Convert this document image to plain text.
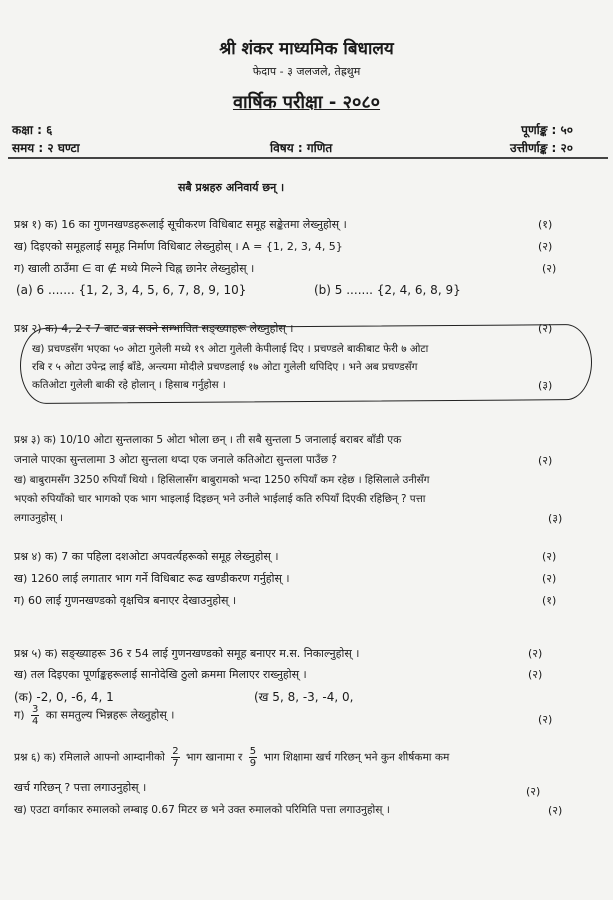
श्री शंकर माध्यमिक बिधालय
फेदाप - ३ जलजले, तेह्रथुम
वार्षिक परीक्षा - २०८०
कक्षा : ६	पूर्णाङ्क : ५०
समय : २ घण्टा	विषय : गणित	उत्तीर्णाङ्क : २०
सबै प्रश्नहरु अनिवार्य छन् ।
प्रश्न १) क) 16 का गुणनखण्डहरूलाई सूचीकरण विधिबाट समूह सङ्केतमा लेख्नुहोस् ।	(१)
ख) दिइएको समूहलाई समूह निर्माण विधिबाट लेख्नुहोस् । A = {1, 2, 3, 4, 5}	(२)
ग) खाली ठाउँमा ∈ वा ∉ मध्ये मिल्ने चिह्न छानेर लेख्नुहोस् ।	(२)
(a) 6 ....... {1, 2, 3, 4, 5, 6, 7, 8, 9, 10}	(b) 5 ....... {2, 4, 6, 8, 9}
प्रश्न २) क) 4, 2 र 7 बाट बन्न सक्ने सम्भावित सङ्ख्याहरू लेख्नुहोस् ।	(२)
ख) प्रचण्डसँग भएका ५० ओटा गुलेली मध्ये १९ ओटा गुलेली केपीलाई दिए । प्रचण्डले बाकीबाट फेरी ७ ओटा
रबि र ५ ओटा उपेन्द्र लाई बाँडे, अन्त्यमा मोदीले प्रचण्डलाई १७ ओटा गुलेली थपिदिए । भने अब प्रचण्डसँग
कतिओटा गुलेली बाकी रहे होलान् । हिसाब गर्नुहोस ।	(३)
प्रश्न ३) क) 10/10 ओटा सुन्तलाका 5 ओटा भोला छन् । ती सबै सुन्तला 5 जनालाई बराबर बाँडी एक
जनाले पाएका सुन्तलामा 3 ओटा सुन्तला थप्दा एक जनाले कतिओटा सुन्तला पाउँछ ?	(२)
ख) बाबुरामसँग 3250 रुपियाँ थियो । हिसिलासँग बाबुरामको भन्दा 1250 रुपियाँ कम रहेछ । हिसिलाले उनीसँग
भएको रुपियाँको चार भागको एक भाग भाइलाई दिइछन् भने उनीले भाईलाई कति रुपियाँ दिएकी रहिछिन् ? पत्ता
लगाउनुहोस् ।	(३)
प्रश्न ४) क) 7 का पहिला दशओटा अपवर्त्यहरूको समूह लेख्नुहोस् ।	(२)
ख) 1260 लाई लगातार भाग गर्ने विधिबाट रूढ खण्डीकरण गर्नुहोस् ।	(२)
ग) 60 लाई गुणनखण्डको वृक्षचित्र बनाएर देखाउनुहोस् ।	(१)
प्रश्न ५) क) सङ्ख्याहरू 36 र 54 लाई गुणनखण्डको समूह बनाएर म.स. निकाल्नुहोस् ।	(२)
ख) तल दिइएका पूर्णाङ्कहरूलाई सानोदेखि ठुलो क्रममा मिलाएर राख्नुहोस् ।	(२)
(क) -2, 0, -6, 4, 1	(ख 5, 8, -3, -4, 0,
ग) $\frac{3}{4}$ का समतुल्य भिन्नहरू लेख्नुहोस् ।	(२)
प्रश्न ६) क) रमिलाले आफ्नो आम्दानीको $\frac{2}{7}$ भाग खानामा र $\frac{5}{9}$ भाग शिक्षामा खर्च गरिछन् भने कुन शीर्षकमा कम
खर्च गरिछन् ? पत्ता लगाउनुहोस् ।	(२)
ख) एउटा वर्गाकार रुमालको लम्बाइ 0.67 मिटर छ भने उक्त रुमालको परिमिति पत्ता लगाउनुहोस् ।	(२)
